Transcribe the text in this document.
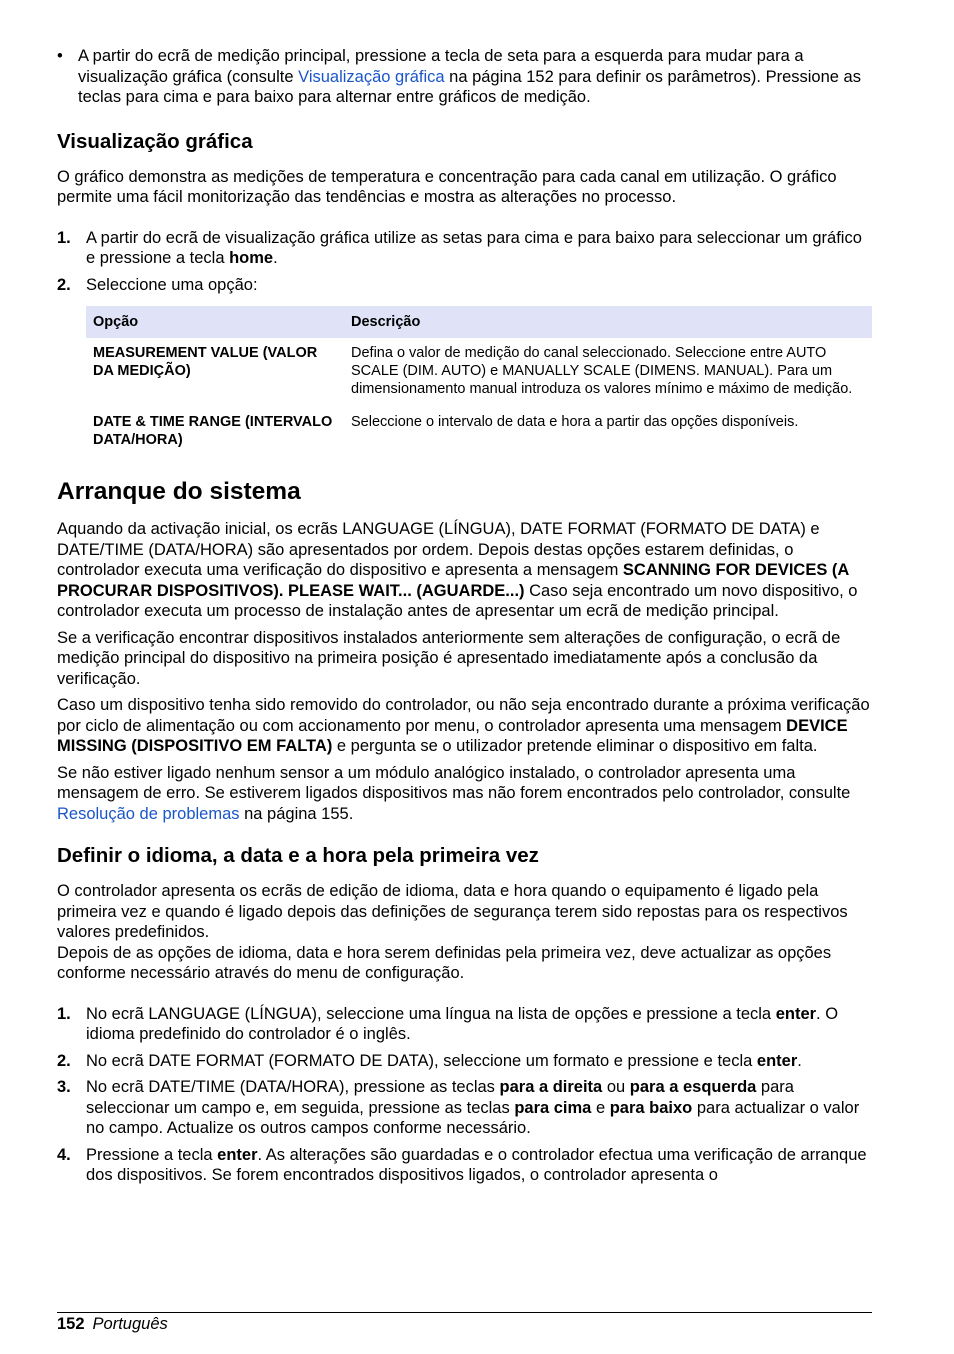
• A partir do ecrã de medição principal, pressione a tecla de seta para a esquerda para mudar para a visualização gráfica (consulte Visualização gráfica na página 152 para definir os parâmetros). Pressione as teclas para cima e para baixo para alternar entre gráficos de medição.
Visualização gráfica

O gráfico demonstra as medições de temperatura e concentração para cada canal em utilização. O gráfico permite uma fácil monitorização das tendências e mostra as alterações no processo.

1. A partir do ecrã de visualização gráfica utilize as setas para cima e para baixo para seleccionar um gráfico e pressione a tecla home.
2. Seleccione uma opção:
Opção	Descrição
MEASUREMENT VALUE (VALOR DA MEDIÇÃO)	Defina o valor de medição do canal seleccionado. Seleccione entre AUTO SCALE (DIM. AUTO) e MANUALLY SCALE (DIMENS. MANUAL). Para um dimensionamento manual introduza os valores mínimo e máximo de medição.
DATE & TIME RANGE (INTERVALO DATA/HORA)	Seleccione o intervalo de data e hora a partir das opções disponíveis.
Arranque do sistema

Aquando da activação inicial, os ecrãs LANGUAGE (LÍNGUA), DATE FORMAT (FORMATO DE DATA) e DATE/TIME (DATA/HORA) são apresentados por ordem. Depois destas opções estarem definidas, o controlador executa uma verificação do dispositivo e apresenta a mensagem SCANNING FOR DEVICES (A PROCURAR DISPOSITIVOS). PLEASE WAIT... (AGUARDE...) Caso seja encontrado um novo dispositivo, o controlador executa um processo de instalação antes de apresentar um ecrã de medição principal.

Se a verificação encontrar dispositivos instalados anteriormente sem alterações de configuração, o ecrã de medição principal do dispositivo na primeira posição é apresentado imediatamente após a conclusão da verificação.

Caso um dispositivo tenha sido removido do controlador, ou não seja encontrado durante a próxima verificação por ciclo de alimentação ou com accionamento por menu, o controlador apresenta uma mensagem DEVICE MISSING (DISPOSITIVO EM FALTA) e pergunta se o utilizador pretende eliminar o dispositivo em falta.

Se não estiver ligado nenhum sensor a um módulo analógico instalado, o controlador apresenta uma mensagem de erro. Se estiverem ligados dispositivos mas não forem encontrados pelo controlador, consulte Resolução de problemas na página 155.

Definir o idioma, a data e a hora pela primeira vez

O controlador apresenta os ecrãs de edição de idioma, data e hora quando o equipamento é ligado pela primeira vez e quando é ligado depois das definições de segurança terem sido repostas para os respectivos valores predefinidos.

Depois de as opções de idioma, data e hora serem definidas pela primeira vez, deve actualizar as opções conforme necessário através do menu de configuração.

1. No ecrã LANGUAGE (LÍNGUA), seleccione uma língua na lista de opções e pressione a tecla enter. O idioma predefinido do controlador é o inglês.
2. No ecrã DATE FORMAT (FORMATO DE DATA), seleccione um formato e pressione e tecla enter.
3. No ecrã DATE/TIME (DATA/HORA), pressione as teclas para a direita ou para a esquerda para seleccionar um campo e, em seguida, pressione as teclas para cima e para baixo para actualizar o valor no campo. Actualize os outros campos conforme necessário.
4. Pressione a tecla enter. As alterações são guardadas e o controlador efectua uma verificação de arranque dos dispositivos. Se forem encontrados dispositivos ligados, o controlador apresenta o
152 Português
